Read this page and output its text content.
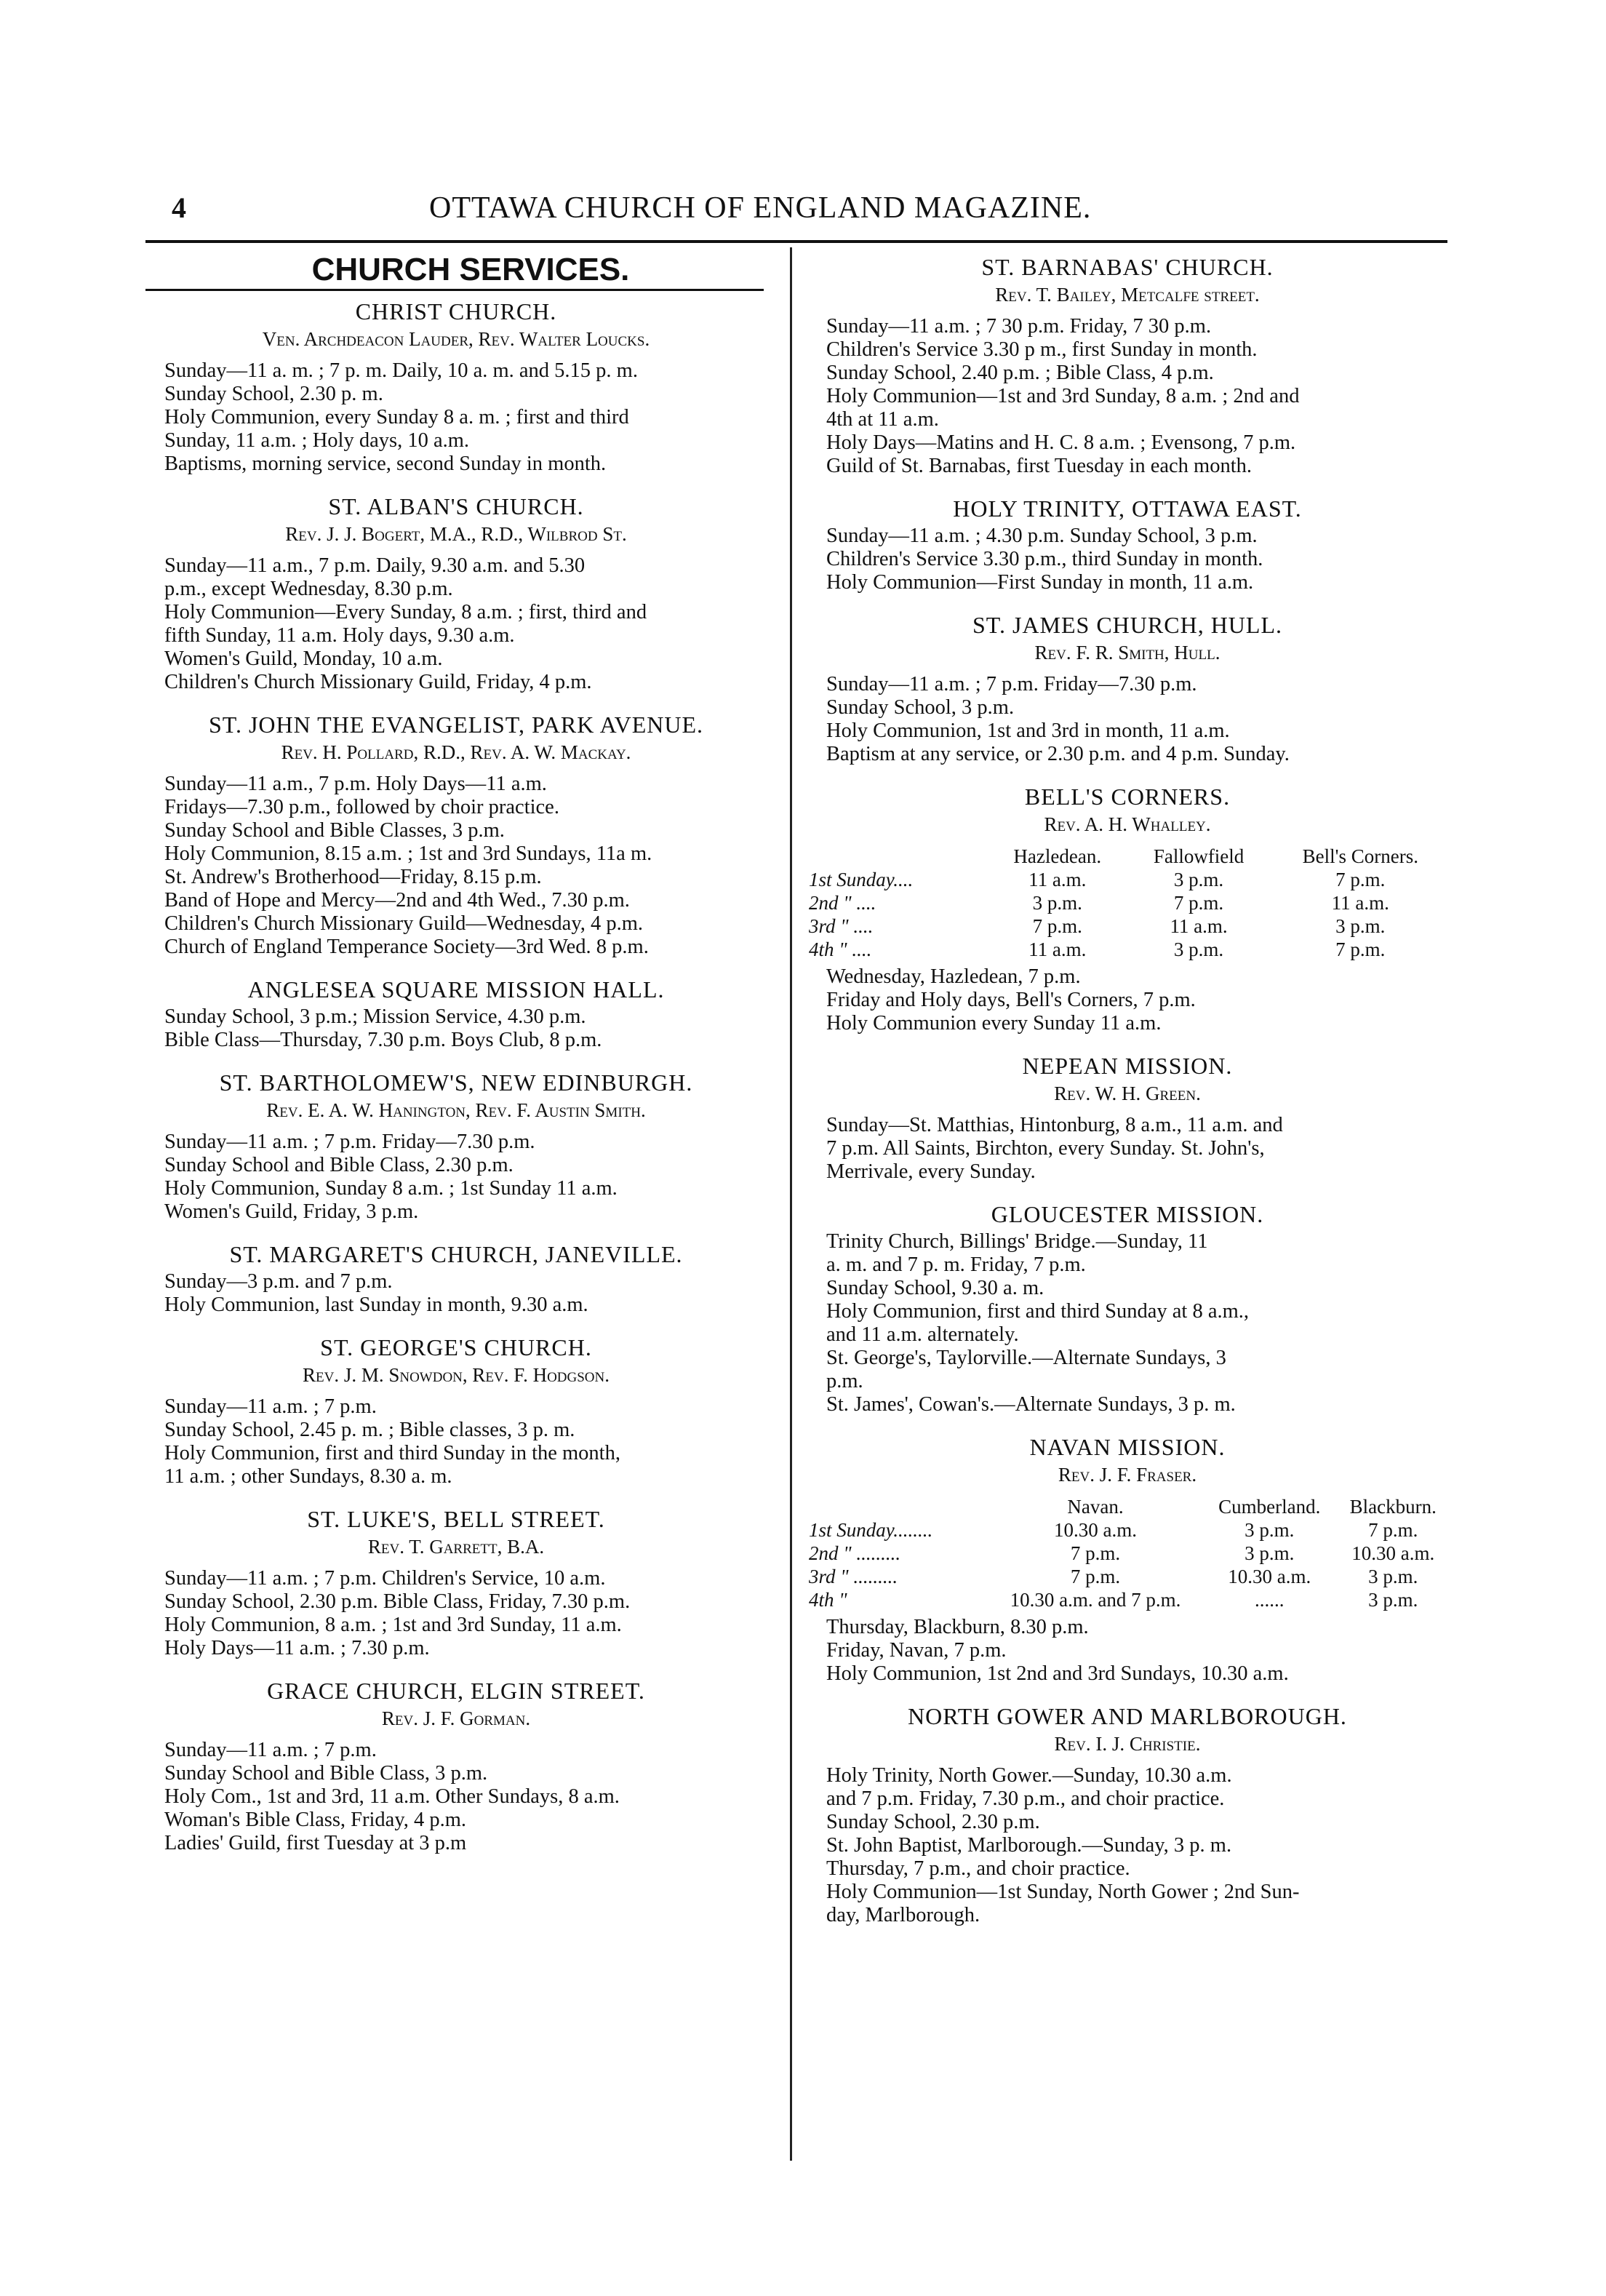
4	OTTAWA CHURCH OF ENGLAND MAGAZINE.
CHURCH SERVICES.
CHRIST CHURCH.
Ven. Archdeacon Lauder, Rev. Walter Loucks.

Sunday—11 a. m. ; 7 p. m. Daily, 10 a. m. and 5.15 p. m.

Sunday School, 2.30 p. m.

Holy Communion, every Sunday 8 a. m. ; first and third

Sunday, 11 a.m. ; Holy days, 10 a.m.

Baptisms, morning service, second Sunday in month.

ST. ALBAN'S CHURCH.
Rev. J. J. Bogert, M.A., R.D., Wilbrod St.

Sunday—11 a.m., 7 p.m. Daily, 9.30 a.m. and 5.30

p.m., except Wednesday, 8.30 p.m.

Holy Communion—Every Sunday, 8 a.m. ; first, third and

fifth Sunday, 11 a.m. Holy days, 9.30 a.m.

Women's Guild, Monday, 10 a.m.

Children's Church Missionary Guild, Friday, 4 p.m.

ST. JOHN THE EVANGELIST, PARK AVENUE.
Rev. H. Pollard, R.D., Rev. A. W. Mackay.

Sunday—11 a.m., 7 p.m. Holy Days—11 a.m.

Fridays—7.30 p.m., followed by choir practice.

Sunday School and Bible Classes, 3 p.m.

Holy Communion, 8.15 a.m. ; 1st and 3rd Sundays, 11a m.

St. Andrew's Brotherhood—Friday, 8.15 p.m.

Band of Hope and Mercy—2nd and 4th Wed., 7.30 p.m.

Children's Church Missionary Guild—Wednesday, 4 p.m.

Church of England Temperance Society—3rd Wed. 8 p.m.

ANGLESEA SQUARE MISSION HALL.

Sunday School, 3 p.m.; Mission Service, 4.30 p.m.

Bible Class—Thursday, 7.30 p.m. Boys Club, 8 p.m.

ST. BARTHOLOMEW'S, NEW EDINBURGH.
Rev. E. A. W. Hanington, Rev. F. Austin Smith.

Sunday—11 a.m. ; 7 p.m. Friday—7.30 p.m.

Sunday School and Bible Class, 2.30 p.m.

Holy Communion, Sunday 8 a.m. ; 1st Sunday 11 a.m.

Women's Guild, Friday, 3 p.m.

ST. MARGARET'S CHURCH, JANEVILLE.

Sunday—3 p.m. and 7 p.m.

Holy Communion, last Sunday in month, 9.30 a.m.

ST. GEORGE'S CHURCH.
Rev. J. M. Snowdon, Rev. F. Hodgson.

Sunday—11 a.m. ; 7 p.m.

Sunday School, 2.45 p. m. ; Bible classes, 3 p. m.

Holy Communion, first and third Sunday in the month,

11 a.m. ; other Sundays, 8.30 a. m.

ST. LUKE'S, BELL STREET.
Rev. T. Garrett, B.A.

Sunday—11 a.m. ; 7 p.m. Children's Service, 10 a.m.

Sunday School, 2.30 p.m. Bible Class, Friday, 7.30 p.m.

Holy Communion, 8 a.m. ; 1st and 3rd Sunday, 11 a.m.

Holy Days—11 a.m. ; 7.30 p.m.

GRACE CHURCH, ELGIN STREET.
Rev. J. F. Gorman.

Sunday—11 a.m. ; 7 p.m.

Sunday School and Bible Class, 3 p.m.

Holy Com., 1st and 3rd, 11 a.m. Other Sundays, 8 a.m.

Woman's Bible Class, Friday, 4 p.m.

Ladies' Guild, first Tuesday at 3 p.m

ST. BARNABAS' CHURCH.
Rev. T. Bailey, Metcalfe street.

Sunday—11 a.m. ; 7 30 p.m. Friday, 7 30 p.m.

Children's Service 3.30 p m., first Sunday in month.

Sunday School, 2.40 p.m. ; Bible Class, 4 p.m.

Holy Communion—1st and 3rd Sunday, 8 a.m. ; 2nd and

4th at 11 a.m.

Holy Days—Matins and H. C. 8 a.m. ; Evensong, 7 p.m.

Guild of St. Barnabas, first Tuesday in each month.

HOLY TRINITY, OTTAWA EAST.

Sunday—11 a.m. ; 4.30 p.m. Sunday School, 3 p.m.

Children's Service 3.30 p.m., third Sunday in month.

Holy Communion—First Sunday in month, 11 a.m.

ST. JAMES CHURCH, HULL.
Rev. F. R. Smith, Hull.

Sunday—11 a.m. ; 7 p.m. Friday—7.30 p.m.

Sunday School, 3 p.m.

Holy Communion, 1st and 3rd in month, 11 a.m.

Baptism at any service, or 2.30 p.m. and 4 p.m. Sunday.

BELL'S CORNERS.
Rev. A. H. Whalley.
	Hazledean.	Fallowfield	Bell's Corners.
1st Sunday....	11 a.m.	3 p.m.	7 p.m.
2nd " ....	3 p.m.	7 p.m.	11 a.m.
3rd " ....	7 p.m.	11 a.m.	3 p.m.
4th " ....	11 a.m.	3 p.m.	7 p.m.

Wednesday, Hazledean, 7 p.m.

Friday and Holy days, Bell's Corners, 7 p.m.

Holy Communion every Sunday 11 a.m.

NEPEAN MISSION.
Rev. W. H. Green.

Sunday—St. Matthias, Hintonburg, 8 a.m., 11 a.m. and

7 p.m. All Saints, Birchton, every Sunday. St. John's,

Merrivale, every Sunday.

GLOUCESTER MISSION.

Trinity Church, Billings' Bridge.—Sunday, 11

a. m. and 7 p. m. Friday, 7 p.m.

Sunday School, 9.30 a. m.

Holy Communion, first and third Sunday at 8 a.m.,

and 11 a.m. alternately.

St. George's, Taylorville.—Alternate Sundays, 3

p.m.

St. James', Cowan's.—Alternate Sundays, 3 p. m.

NAVAN MISSION.
Rev. J. F. Fraser.
	Navan.	Cumberland.	Blackburn.
1st Sunday........	10.30 a.m.	3 p.m.	7 p.m.
2nd " .........	7 p.m.	3 p.m.	10.30 a.m.
3rd " .........	7 p.m.	10.30 a.m.	3 p.m.
4th "	10.30 a.m. and 7 p.m.	......	3 p.m.

Thursday, Blackburn, 8.30 p.m.

Friday, Navan, 7 p.m.

Holy Communion, 1st 2nd and 3rd Sundays, 10.30 a.m.

NORTH GOWER AND MARLBOROUGH.
Rev. I. J. Christie.

Holy Trinity, North Gower.—Sunday, 10.30 a.m.

and 7 p.m. Friday, 7.30 p.m., and choir practice.

Sunday School, 2.30 p.m.

St. John Baptist, Marlborough.—Sunday, 3 p. m.

Thursday, 7 p.m., and choir practice.

Holy Communion—1st Sunday, North Gower ; 2nd Sun-

day, Marlborough.
